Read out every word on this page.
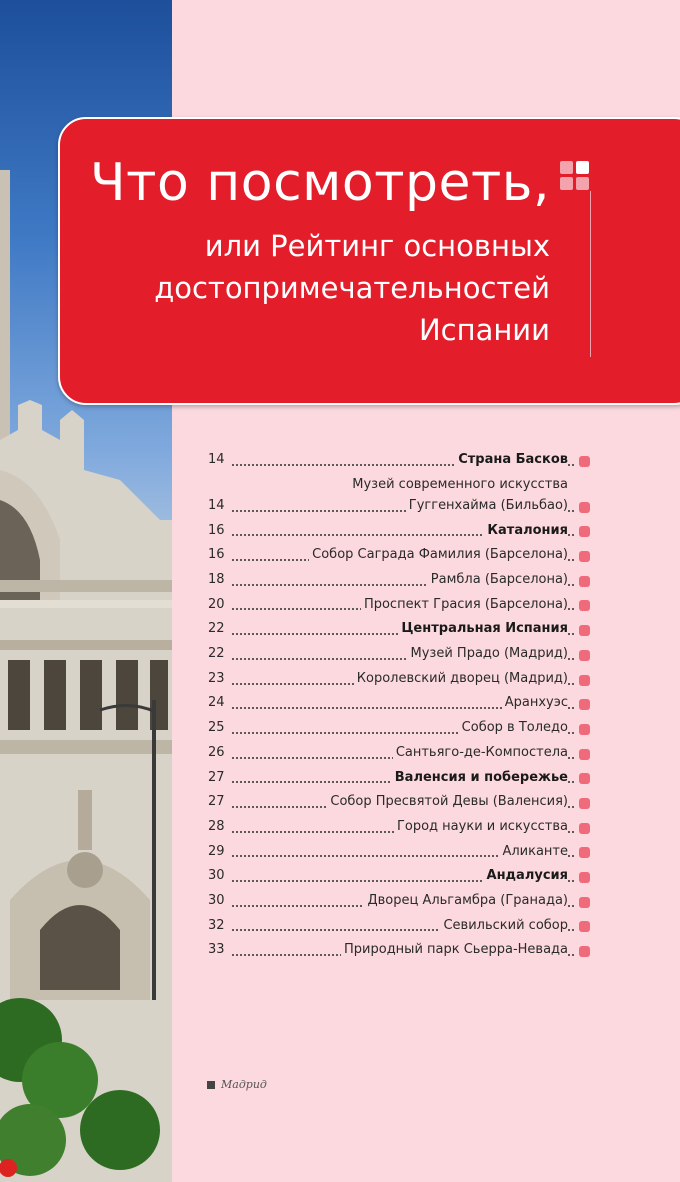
Что посмотреть,
или Рейтинг основных
достопримечательностей
Испании
14	Страна Басков
Музей современного искусства
14	Гуггенхайма (Бильбао)
16	Каталония
16	Собор Саграда Фамилия (Барселона)
18	Рамбла (Барселона)
20	Проспект Грасия (Барселона)
22	Центральная Испания
22	Музей Прадо (Мадрид)
23	Королевский дворец (Мадрид)
24	Аранхуэс
25	Собор в Толедо
26	Сантьяго-де-Компостела
27	Валенсия и побережье
27	Собор Пресвятой Девы (Валенсия)
28	Город науки и искусства
29	Аликанте
30	Андалусия
30	Дворец Альгамбра (Гранада)
32	Севильский собор
33	Природный парк Сьерра-Невада
Мадрид
